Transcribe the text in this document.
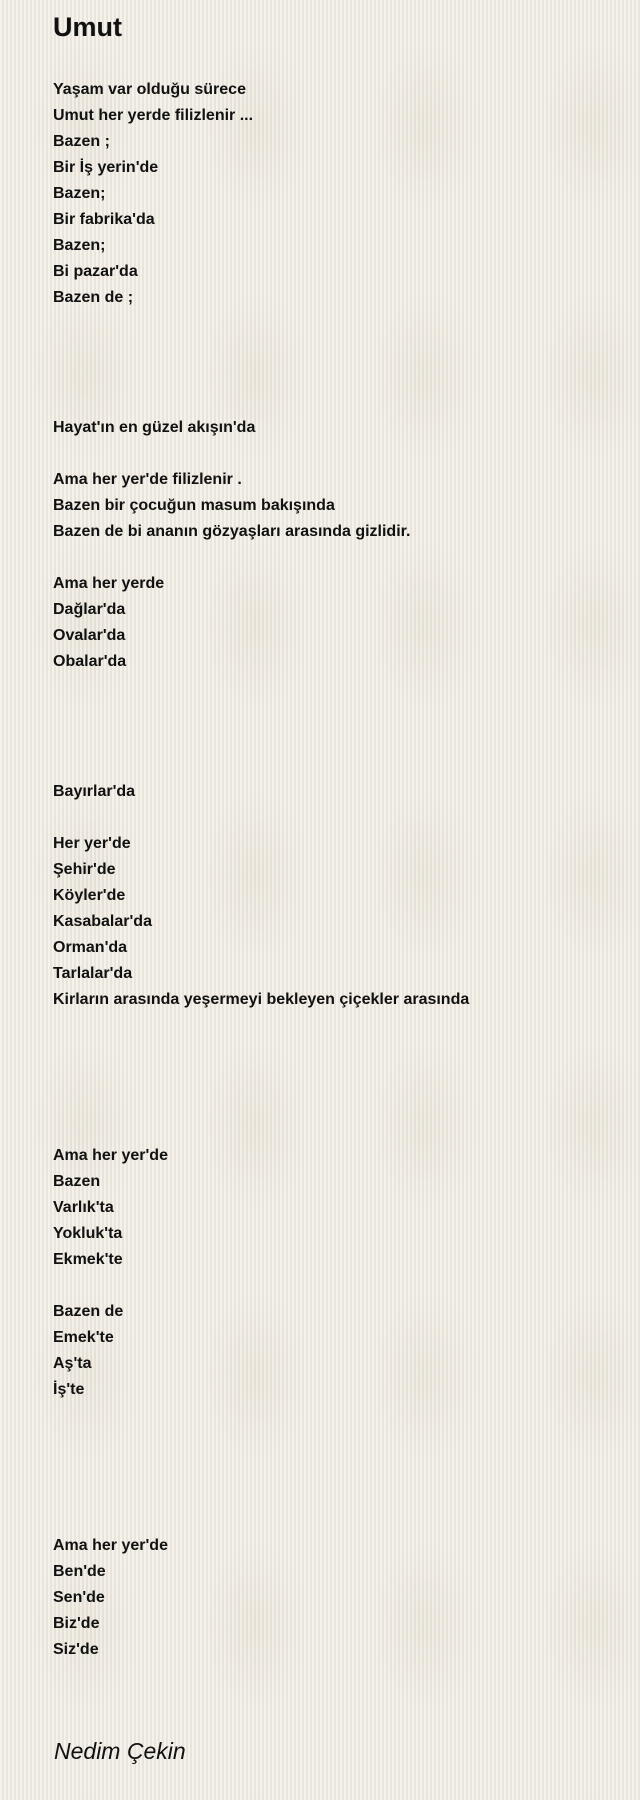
Umut
Yaşam var olduğu sürece
Umut her yerde filizlenir ...
Bazen ;
Bir İş yerin'de
Bazen;
Bir fabrika'da
Bazen;
Bi pazar'da
Bazen de ;
Hayat'ın en güzel akışın'da
Ama her yer'de filizlenir .
Bazen bir çocuğun masum bakışında
Bazen de bi ananın gözyaşları arasında gizlidir.
Ama her yerde
Dağlar'da
Ovalar'da
Obalar'da
Bayırlar'da
Her yer'de
Şehir'de
Köyler'de
Kasabalar'da
Orman'da
Tarlalar'da
Kirların arasında yeşermeyi bekleyen çiçekler arasında
Ama her yer'de
Bazen
Varlık'ta
Yokluk'ta
Ekmek'te
Bazen de
Emek'te
Aş'ta
İş'te
Ama her yer'de
Ben'de
Sen'de
Biz'de
Siz'de
Nedim Çekin
